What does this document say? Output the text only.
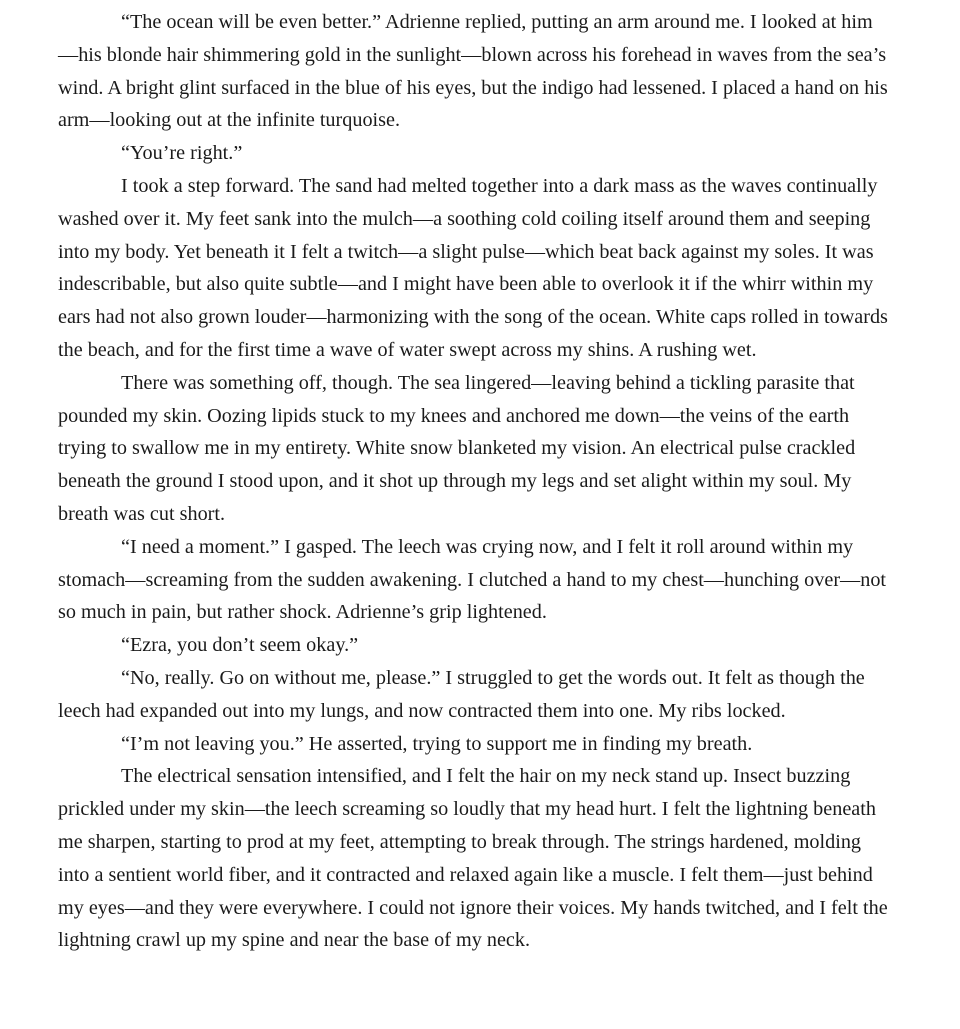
“The ocean will be even better.” Adrienne replied, putting an arm around me. I looked at him—his blonde hair shimmering gold in the sunlight—blown across his forehead in waves from the sea’s wind. A bright glint surfaced in the blue of his eyes, but the indigo had lessened. I placed a hand on his arm—looking out at the infinite turquoise.

“You’re right.”

I took a step forward. The sand had melted together into a dark mass as the waves continually washed over it. My feet sank into the mulch—a soothing cold coiling itself around them and seeping into my body. Yet beneath it I felt a twitch—a slight pulse—which beat back against my soles. It was indescribable, but also quite subtle—and I might have been able to overlook it if the whirr within my ears had not also grown louder—harmonizing with the song of the ocean. White caps rolled in towards the beach, and for the first time a wave of water swept across my shins. A rushing wet.

There was something off, though. The sea lingered—leaving behind a tickling parasite that pounded my skin. Oozing lipids stuck to my knees and anchored me down—the veins of the earth trying to swallow me in my entirety. White snow blanketed my vision. An electrical pulse crackled beneath the ground I stood upon, and it shot up through my legs and set alight within my soul. My breath was cut short.

“I need a moment.” I gasped. The leech was crying now, and I felt it roll around within my stomach—screaming from the sudden awakening. I clutched a hand to my chest—hunching over—not so much in pain, but rather shock. Adrienne’s grip lightened.

“Ezra, you don’t seem okay.”

“No, really. Go on without me, please.” I struggled to get the words out. It felt as though the leech had expanded out into my lungs, and now contracted them into one. My ribs locked.

“I’m not leaving you.” He asserted, trying to support me in finding my breath.

The electrical sensation intensified, and I felt the hair on my neck stand up. Insect buzzing prickled under my skin—the leech screaming so loudly that my head hurt. I felt the lightning beneath me sharpen, starting to prod at my feet, attempting to break through. The strings hardened, molding into a sentient world fiber, and it contracted and relaxed again like a muscle. I felt them—just behind my eyes—and they were everywhere. I could not ignore their voices. My hands twitched, and I felt the lightning crawl up my spine and near the base of my neck.
